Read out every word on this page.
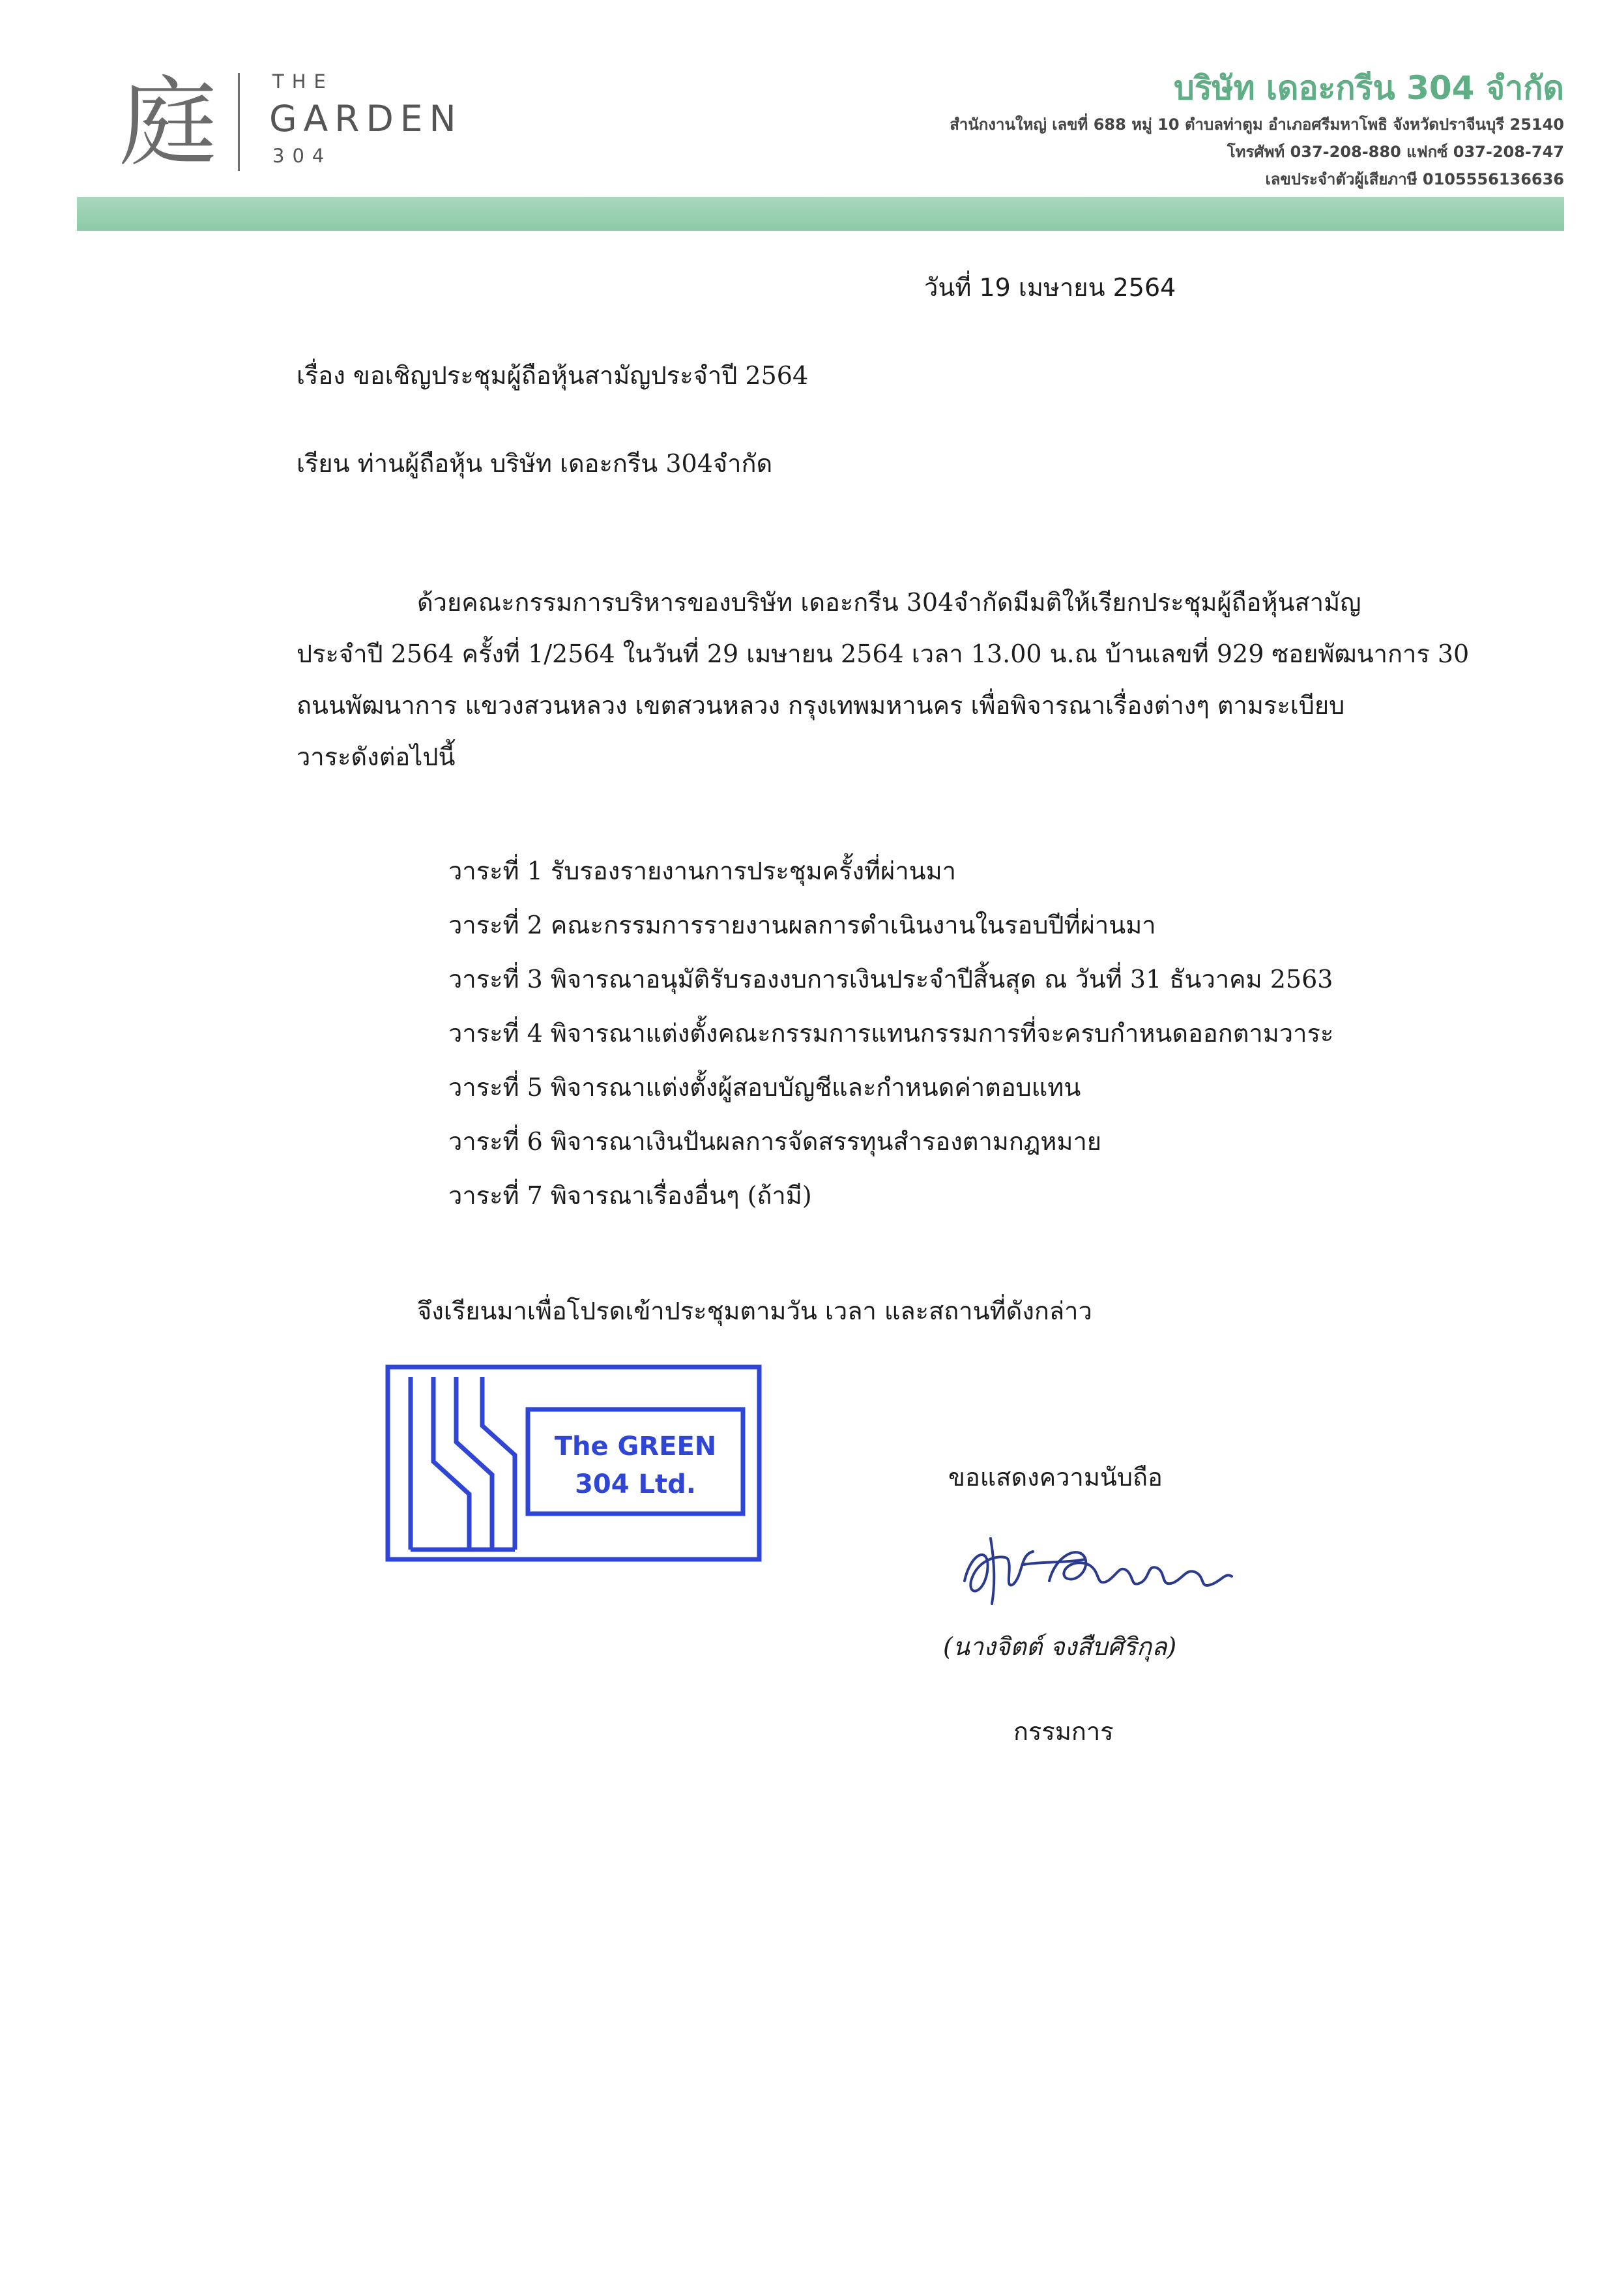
庭	THE
GARDEN
304
บริษัท เดอะกรีน 304 จำกัด
สำนักงานใหญ่ เลขที่ 688 หมู่ 10 ตำบลท่าตูม อำเภอศรีมหาโพธิ จังหวัดปราจีนบุรี 25140
โทรศัพท์ 037-208-880 แฟกซ์ 037-208-747
เลขประจำตัวผู้เสียภาษี 0105556136636
วันที่ 19 เมษายน 2564
เรื่อง ขอเชิญประชุมผู้ถือหุ้นสามัญประจำปี 2564
เรียน ท่านผู้ถือหุ้น บริษัท เดอะกรีน 304จำกัด
ด้วยคณะกรรมการบริหารของบริษัท เดอะกรีน 304จำกัดมีมติให้เรียกประชุมผู้ถือหุ้นสามัญ
ประจำปี 2564 ครั้งที่ 1/2564 ในวันที่ 29 เมษายน 2564 เวลา 13.00 น.ณ บ้านเลขที่ 929 ซอยพัฒนาการ 30
ถนนพัฒนาการ แขวงสวนหลวง เขตสวนหลวง กรุงเทพมหานคร เพื่อพิจารณาเรื่องต่างๆ ตามระเบียบ
วาระดังต่อไปนี้
วาระที่ 1 รับรองรายงานการประชุมครั้งที่ผ่านมา
วาระที่ 2 คณะกรรมการรายงานผลการดำเนินงานในรอบปีที่ผ่านมา
วาระที่ 3 พิจารณาอนุมัติรับรองงบการเงินประจำปีสิ้นสุด ณ วันที่ 31 ธันวาคม 2563
วาระที่ 4 พิจารณาแต่งตั้งคณะกรรมการแทนกรรมการที่จะครบกำหนดออกตามวาระ
วาระที่ 5 พิจารณาแต่งตั้งผู้สอบบัญชีและกำหนดค่าตอบแทน
วาระที่ 6 พิจารณาเงินปันผลการจัดสรรทุนสำรองตามกฎหมาย
วาระที่ 7 พิจารณาเรื่องอื่นๆ (ถ้ามี)
จึงเรียนมาเพื่อโปรดเข้าประชุมตามวัน เวลา และสถานที่ดังกล่าว
The GREEN
304 Ltd.	ขอแสดงความนับถือ
(นางจิตต์ จงสืบศิริกุล)
กรรมการ
